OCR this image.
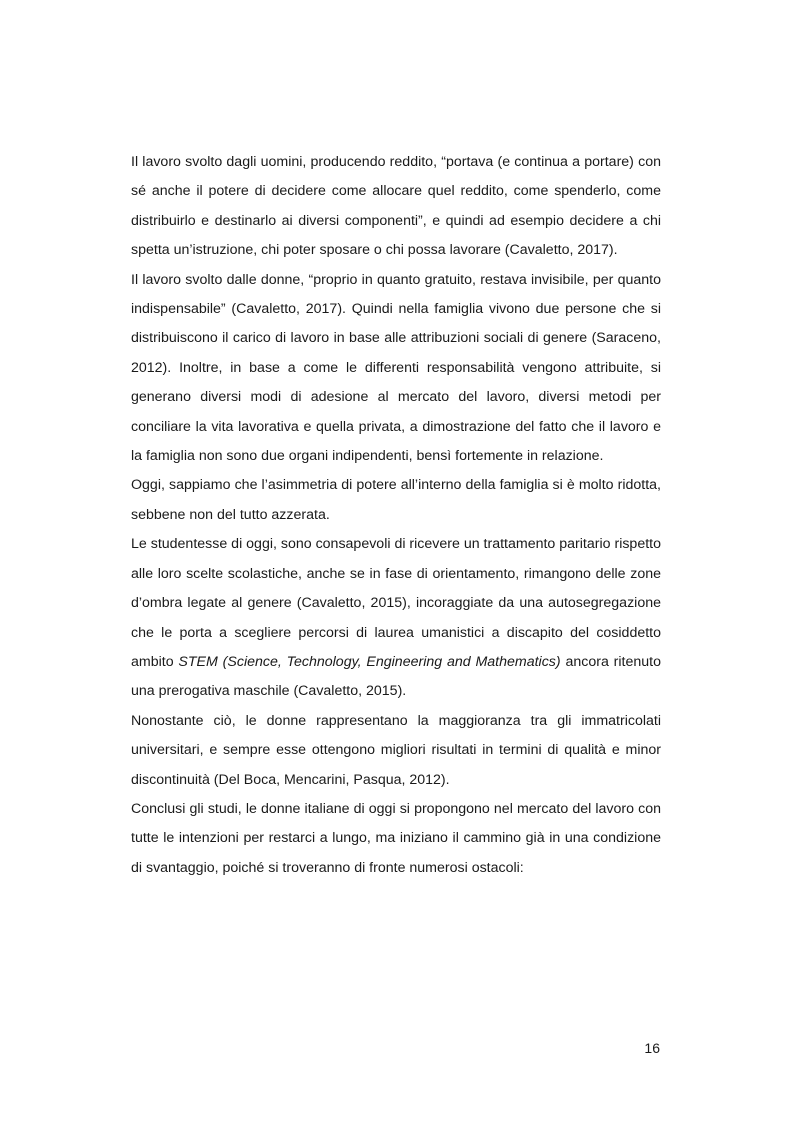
Il lavoro svolto dagli uomini, producendo reddito, “portava (e continua a portare) con sé anche il potere di decidere come allocare quel reddito, come spenderlo, come distribuirlo e destinarlo ai diversi componenti”, e quindi ad esempio decidere a chi spetta un’istruzione, chi poter sposare o chi possa lavorare (Cavaletto, 2017).

Il lavoro svolto dalle donne, “proprio in quanto gratuito, restava invisibile, per quanto indispensabile” (Cavaletto, 2017). Quindi nella famiglia vivono due persone che si distribuiscono il carico di lavoro in base alle attribuzioni sociali di genere (Saraceno, 2012). Inoltre, in base a come le differenti responsabilità vengono attribuite, si generano diversi modi di adesione al mercato del lavoro, diversi metodi per conciliare la vita lavorativa e quella privata, a dimostrazione del fatto che il lavoro e la famiglia non sono due organi indipendenti, bensì fortemente in relazione.

Oggi, sappiamo che l’asimmetria di potere all’interno della famiglia si è molto ridotta, sebbene non del tutto azzerata.

Le studentesse di oggi, sono consapevoli di ricevere un trattamento paritario rispetto alle loro scelte scolastiche, anche se in fase di orientamento, rimangono delle zone d’ombra legate al genere (Cavaletto, 2015), incoraggiate da una autosegregazione che le porta a scegliere percorsi di laurea umanistici a discapito del cosiddetto ambito STEM (Science, Technology, Engineering and Mathematics) ancora ritenuto una prerogativa maschile (Cavaletto, 2015).

Nonostante ciò, le donne rappresentano la maggioranza tra gli immatricolati universitari, e sempre esse ottengono migliori risultati in termini di qualità e minor discontinuità (Del Boca, Mencarini, Pasqua, 2012).

Conclusi gli studi, le donne italiane di oggi si propongono nel mercato del lavoro con tutte le intenzioni per restarci a lungo, ma iniziano il cammino già in una condizione di svantaggio, poiché si troveranno di fronte numerosi ostacoli:

16
